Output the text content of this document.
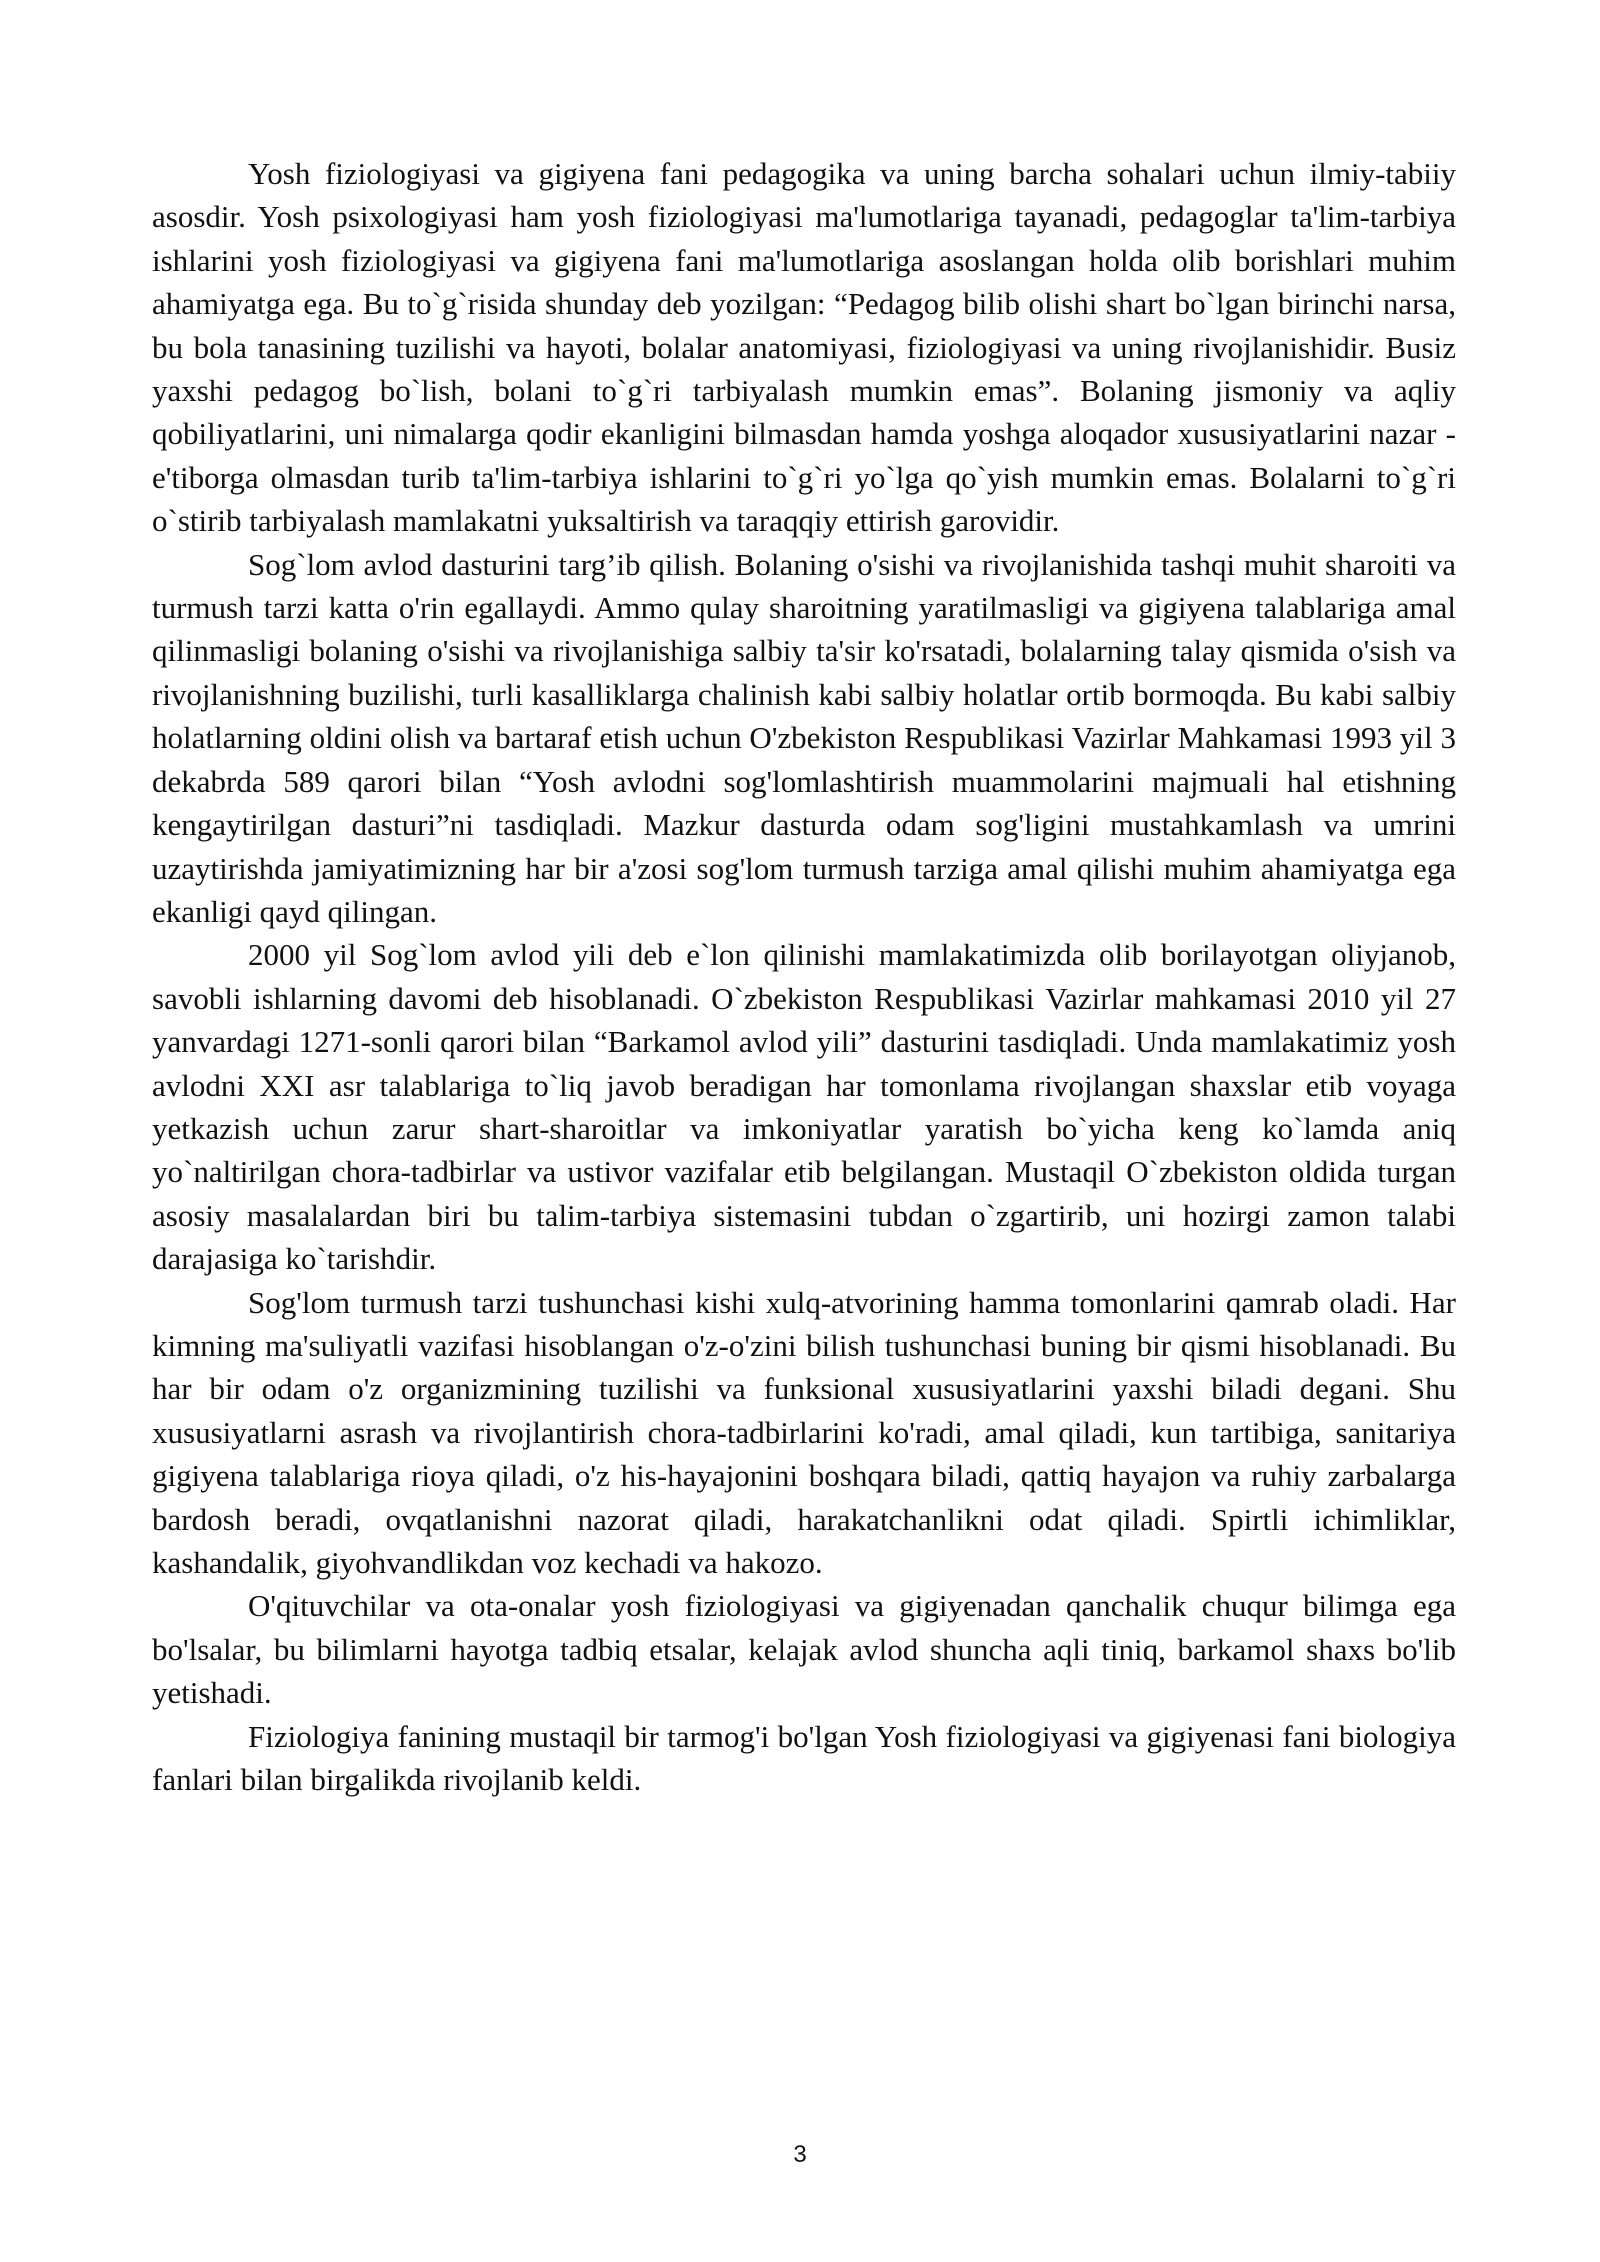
Yosh fiziologiyasi va gigiyena fani pedagogika va uning barcha sohalari uchun ilmiy-tabiiy asosdir. Yosh psixologiyasi ham yosh fiziologiyasi ma'lumotlariga tayanadi, pedagoglar ta'lim-tarbiya ishlarini yosh fiziologiyasi va gigiyena fani ma'lumotlariga asoslangan holda olib borishlari muhim ahamiyatga ega. Bu to`g`risida shunday deb yozilgan: “Pedagog bilib olishi shart bo`lgan birinchi narsa, bu bola tanasining tuzilishi va hayoti, bolalar anatomiyasi, fiziologiyasi va uning rivojlanishidir. Busiz yaxshi pedagog bo`lish, bolani to`g`ri tarbiyalash mumkin emas”. Bolaning jismoniy va aqliy qobiliyatlarini, uni nimalarga qodir ekanligini bilmasdan hamda yoshga aloqador xususiyatlarini nazar - e'tiborga olmasdan turib ta'lim-tarbiya ishlarini to`g`ri yo`lga qo`yish mumkin emas. Bolalarni to`g`ri o`stirib tarbiyalash mamlakatni yuksaltirish va taraqqiy ettirish garovidir.

Sog`lom avlod dasturini targ’ib qilish. Bolaning o'sishi va rivojlanishida tashqi muhit sharoiti va turmush tarzi katta o'rin egallaydi. Ammo qulay sharoitning yaratilmasligi va gigiyena talablariga amal qilinmasligi bolaning o'sishi va rivojlanishiga salbiy ta'sir ko'rsatadi, bolalarning talay qismida o'sish va rivojlanishning buzilishi, turli kasalliklarga chalinish kabi salbiy holatlar ortib bormoqda. Bu kabi salbiy holatlarning oldini olish va bartaraf etish uchun O'zbekiston Respublikasi Vazirlar Mahkamasi 1993 yil 3 dekabrda 589 qarori bilan “Yosh avlodni sog'lomlashtirish muammolarini majmuali hal etishning kengaytirilgan dasturi”ni tasdiqladi. Mazkur dasturda odam sog'ligini mustahkamlash va umrini uzaytirishda jamiyatimizning har bir a'zosi sog'lom turmush tarziga amal qilishi muhim ahamiyatga ega ekanligi qayd qilingan.

2000 yil Sog`lom avlod yili deb e`lon qilinishi mamlakatimizda olib borilayotgan oliyjanob, savobli ishlarning davomi deb hisoblanadi. O`zbekiston Respublikasi Vazirlar mahkamasi 2010 yil 27 yanvardagi 1271-sonli qarori bilan “Barkamol avlod yili” dasturini tasdiqladi. Unda mamlakatimiz yosh avlodni XXI asr talablariga to`liq javob beradigan har tomonlama rivojlangan shaxslar etib voyaga yetkazish uchun zarur shart-sharoitlar va imkoniyatlar yaratish bo`yicha keng ko`lamda aniq yo`naltirilgan chora-tadbirlar va ustivor vazifalar etib belgilangan. Mustaqil O`zbekiston oldida turgan asosiy masalalardan biri bu talim-tarbiya sistemasini tubdan o`zgartirib, uni hozirgi zamon talabi darajasiga ko`tarishdir.

Sog'lom turmush tarzi tushunchasi kishi xulq-atvorining hamma tomonlarini qamrab oladi. Har kimning ma'suliyatli vazifasi hisoblangan o'z-o'zini bilish tushunchasi buning bir qismi hisoblanadi. Bu har bir odam o'z organizmining tuzilishi va funksional xususiyatlarini yaxshi biladi degani. Shu xususiyatlarni asrash va rivojlantirish chora-tadbirlarini ko'radi, amal qiladi, kun tartibiga, sanitariya gigiyena talablariga rioya qiladi, o'z his-hayajonini boshqara biladi, qattiq hayajon va ruhiy zarbalarga bardosh beradi, ovqatlanishni nazorat qiladi, harakatchanlikni odat qiladi. Spirtli ichimliklar, kashandalik, giyohvandlikdan voz kechadi va hakozo.

O'qituvchilar va ota-onalar yosh fiziologiyasi va gigiyenadan qanchalik chuqur bilimga ega bo'lsalar, bu bilimlarni hayotga tadbiq etsalar, kelajak avlod shuncha aqli tiniq, barkamol shaxs bo'lib yetishadi.

Fiziologiya fanining mustaqil bir tarmog'i bo'lgan Yosh fiziologiyasi va gigiyenasi fani biologiya fanlari bilan birgalikda rivojlanib keldi.

3
